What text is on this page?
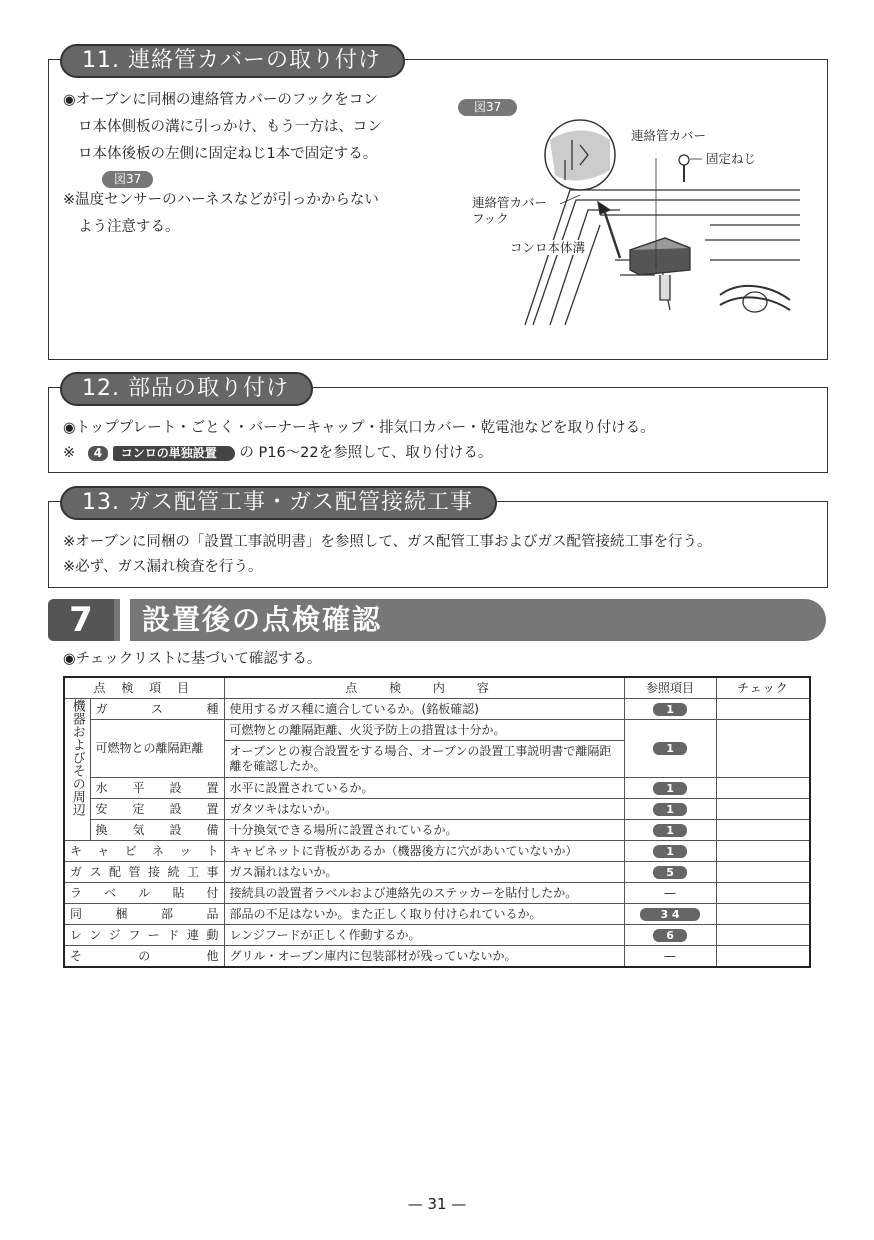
11. 連絡管カバーの取り付け
◉オーブンに同梱の連絡管カバーのフックをコン
ロ本体側板の溝に引っかけ、もう一方は、コン
ロ本体後板の左側に固定ねじ1本で固定する。
図37
※温度センサーのハーネスなどが引っかからない
よう注意する。
図37
連絡管カバー
固定ねじ
連絡管カバー
フック
コンロ本体溝
12. 部品の取り付け
◉トッププレート・ごとく・バーナーキャップ・排気口カバー・乾電池などを取り付ける。
※ 4 コンロの単独設置 の P16〜22を参照して、取り付ける。
13. ガス配管工事・ガス配管接続工事
※オーブンに同梱の「設置工事説明書」を参照して、ガス配管工事およびガス配管接続工事を行う。
※必ず、ガス漏れ検査を行う。
7	設置後の点検確認
◉チェックリストに基づいて確認する。
点 検 項 目		点 検 内 容	参照項目	チェック
機器およびその周辺	ガ　ス　種	使用するガス種に適合しているか。(銘板確認)	1	
	可燃物との離隔距離	可燃物との離隔距離、火災予防上の措置は十分か。	1	
		オーブンとの複合設置をする場合、オーブンの設置工事説明書で離隔距離を確認したか。		
	水　平　設　置	水平に設置されているか。	1	
	安　定　設　置	ガタツキはないか。	1	
	換　気　設　備	十分換気できる場所に設置されているか。	1	
キャビネット		キャビネットに背板があるか（機器後方に穴があいていないか）	1	
ガス配管接続工事		ガス漏れはないか。	5	
ラベル貼付		接続具の設置者ラベルおよび連絡先のステッカーを貼付したか。	—	
同梱部品		部品の不足はないか。また正しく取り付けられているか。	3 4	
レンジフード連動		レンジフードが正しく作動するか。	6	
その他		グリル・オーブン庫内に包装部材が残っていないか。	—	
— 31 —
